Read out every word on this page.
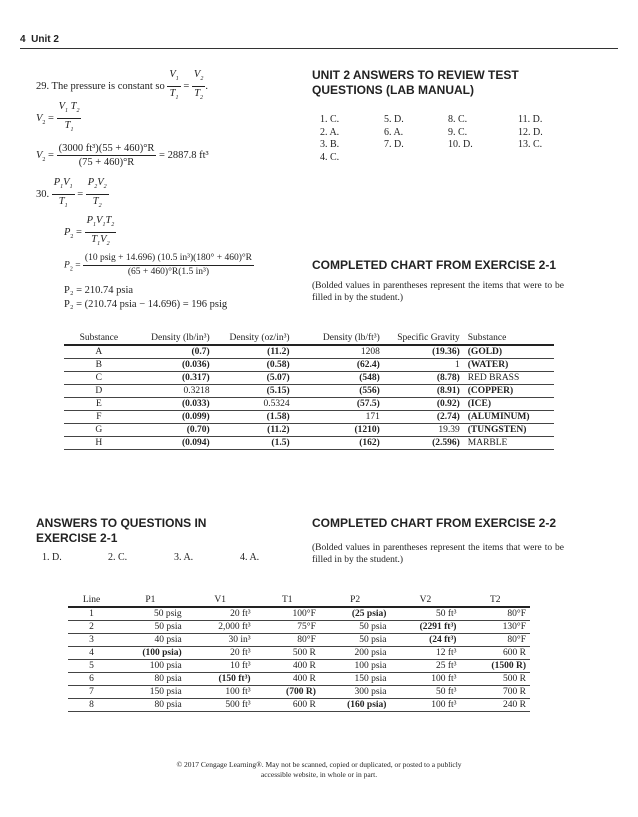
4 Unit 2
29. The pressure is constant so $\frac{V_1}{T_1} = \frac{V_2}{T_2}$ .
$V_2 = \frac{V_1 T_2}{T_1}$
$V_2 = \frac{\text{(3000 ft³)(55 + 460)°R}}{(75 + 460)^\circ R} = 2887.8$ ft³
30. $\frac{P_1V_1}{T_1} = \frac{P_2V_2}{T_2}$
$P_2 = \frac{P_1V_1T_2}{T_1V_2}$
$P_2 = \frac{\text{(10 psig + 14.696) (10.5 in³)(180° + 460)°R}}{\text{(65 + 460)°R(1.5 in³)}}$
P₂ = 210.74 psia
P₂ = (210.74 psia − 14.696) = 196 psig
UNIT 2 ANSWERS TO REVIEW TEST
QUESTIONS (LAB MANUAL)
1. C.	5. D.	8. C.	11. D.
2. A.	6. A.	9. C.	12. D.
3. B.	7. D.	10. D.	13. C.
4. C.
COMPLETED CHART FROM EXERCISE 2-1
(Bolded values in parentheses represent the items that were to be filled in by the student.)
Substance	Density (lb/in³)	Density (oz/in³)	Density (lb/ft³)	Specific Gravity	Substance
A	(0.7)	(11.2)	1208	(19.36)	(GOLD)
B	(0.036)	(0.58)	(62.4)	1	(WATER)
C	(0.317)	(5.07)	(548)	(8.78)	RED BRASS
D	0.3218	(5.15)	(556)	(8.91)	(COPPER)
E	(0.033)	0.5324	(57.5)	(0.92)	(ICE)
F	(0.099)	(1.58)	171	(2.74)	(ALUMINUM)
G	(0.70)	(11.2)	(1210)	19.39	(TUNGSTEN)
H	(0.094)	(1.5)	(162)	(2.596)	MARBLE
ANSWERS TO QUESTIONS IN
EXERCISE 2-1
1. D.	2. C.	3. A.	4. A.
COMPLETED CHART FROM EXERCISE 2-2
(Bolded values in parentheses represent the items that were to be filled in by the student.)
Line	P1	V1	T1	P2	V2	T2
1	50 psig	20 ft³	100°F	(25 psia)	50 ft³	80°F
2	50 psia	2,000 ft³	75°F	50 psia	(2291 ft³)	130°F
3	40 psia	30 in³	80°F	50 psia	(24 ft³)	80°F
4	(100 psia)	20 ft³	500 R	200 psia	12 ft³	600 R
5	100 psia	10 ft³	400 R	100 psia	25 ft³	(1500 R)
6	80 psia	(150 ft³)	400 R	150 psia	100 ft³	500 R
7	150 psia	100 ft³	(700 R)	300 psia	50 ft³	700 R
8	80 psia	500 ft³	600 R	(160 psia)	100 ft³	240 R
© 2017 Cengage Learning®. May not be scanned, copied or duplicated, or posted to a publicly
accessible website, in whole or in part.
